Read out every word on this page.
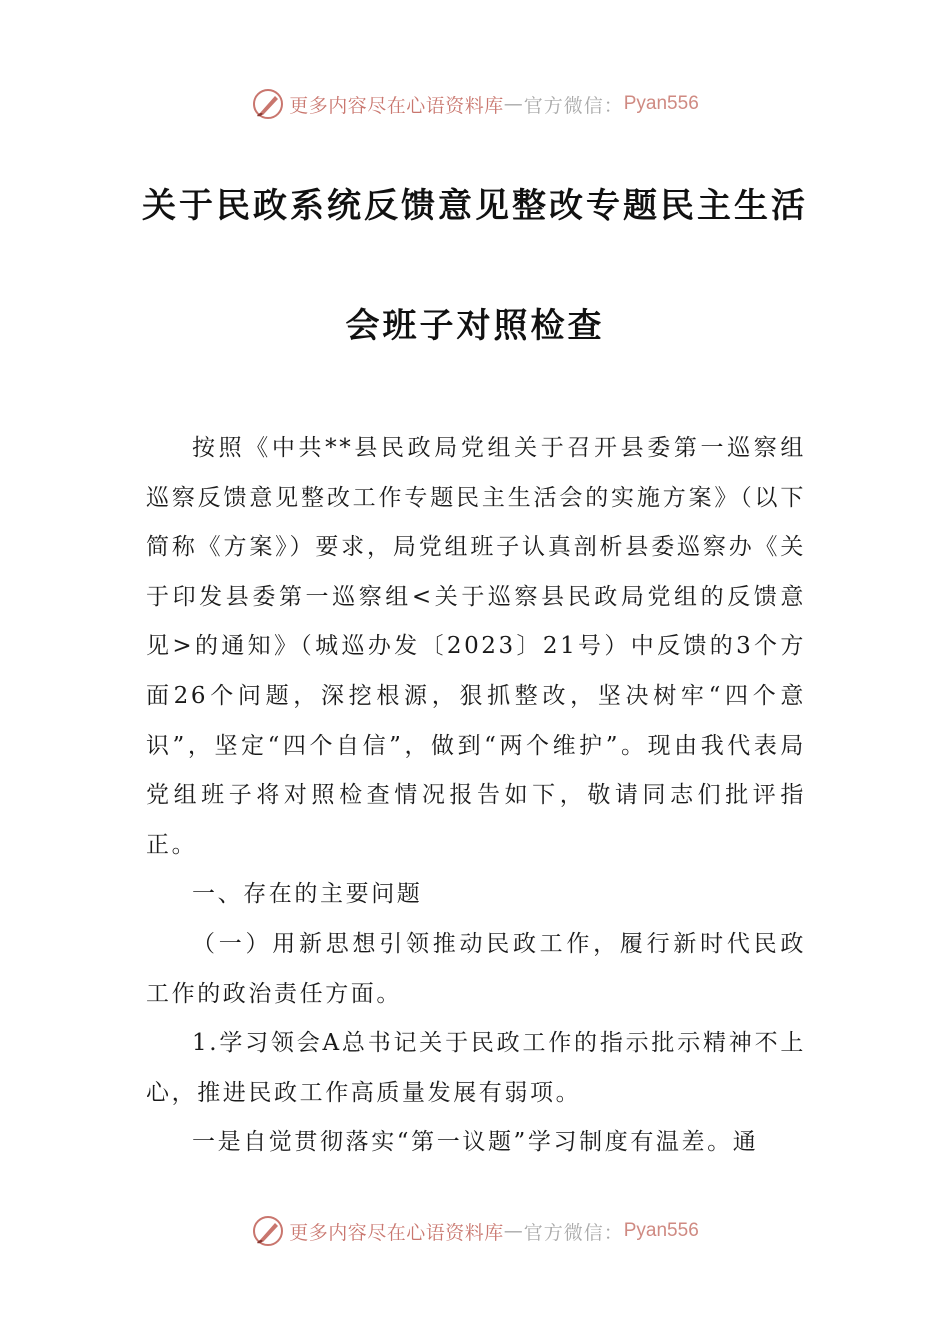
更多内容尽在心语资料库 — 官方微信： Pyan556
关于民政系统反馈意见整改专题民主生活
会班子对照检查

按照《中共**县民政局党组关于召开县委第一巡察组巡察反馈意见整改工作专题民主生活会的实施方案》（以下简称《方案》）要求，局党组班子认真剖析县委巡察办《关于印发县委第一巡察组<关于巡察县民政局党组的反馈意见>的通知》（城巡办发〔2023〕21号）中反馈的3个方面26个问题，深挖根源，狠抓整改，坚决树牢“四个意识”，坚定“四个自信”，做到“两个维护”。现由我代表局党组班子将对照检查情况报告如下，敬请同志们批评指正。

一、存在的主要问题

（一）用新思想引领推动民政工作，履行新时代民政工作的政治责任方面。

1.学习领会A总书记关于民政工作的指示批示精神不上心，推进民政工作高质量发展有弱项。

一是自觉贯彻落实“第一议题”学习制度有温差。通

更多内容尽在心语资料库 — 官方微信： Pyan556
